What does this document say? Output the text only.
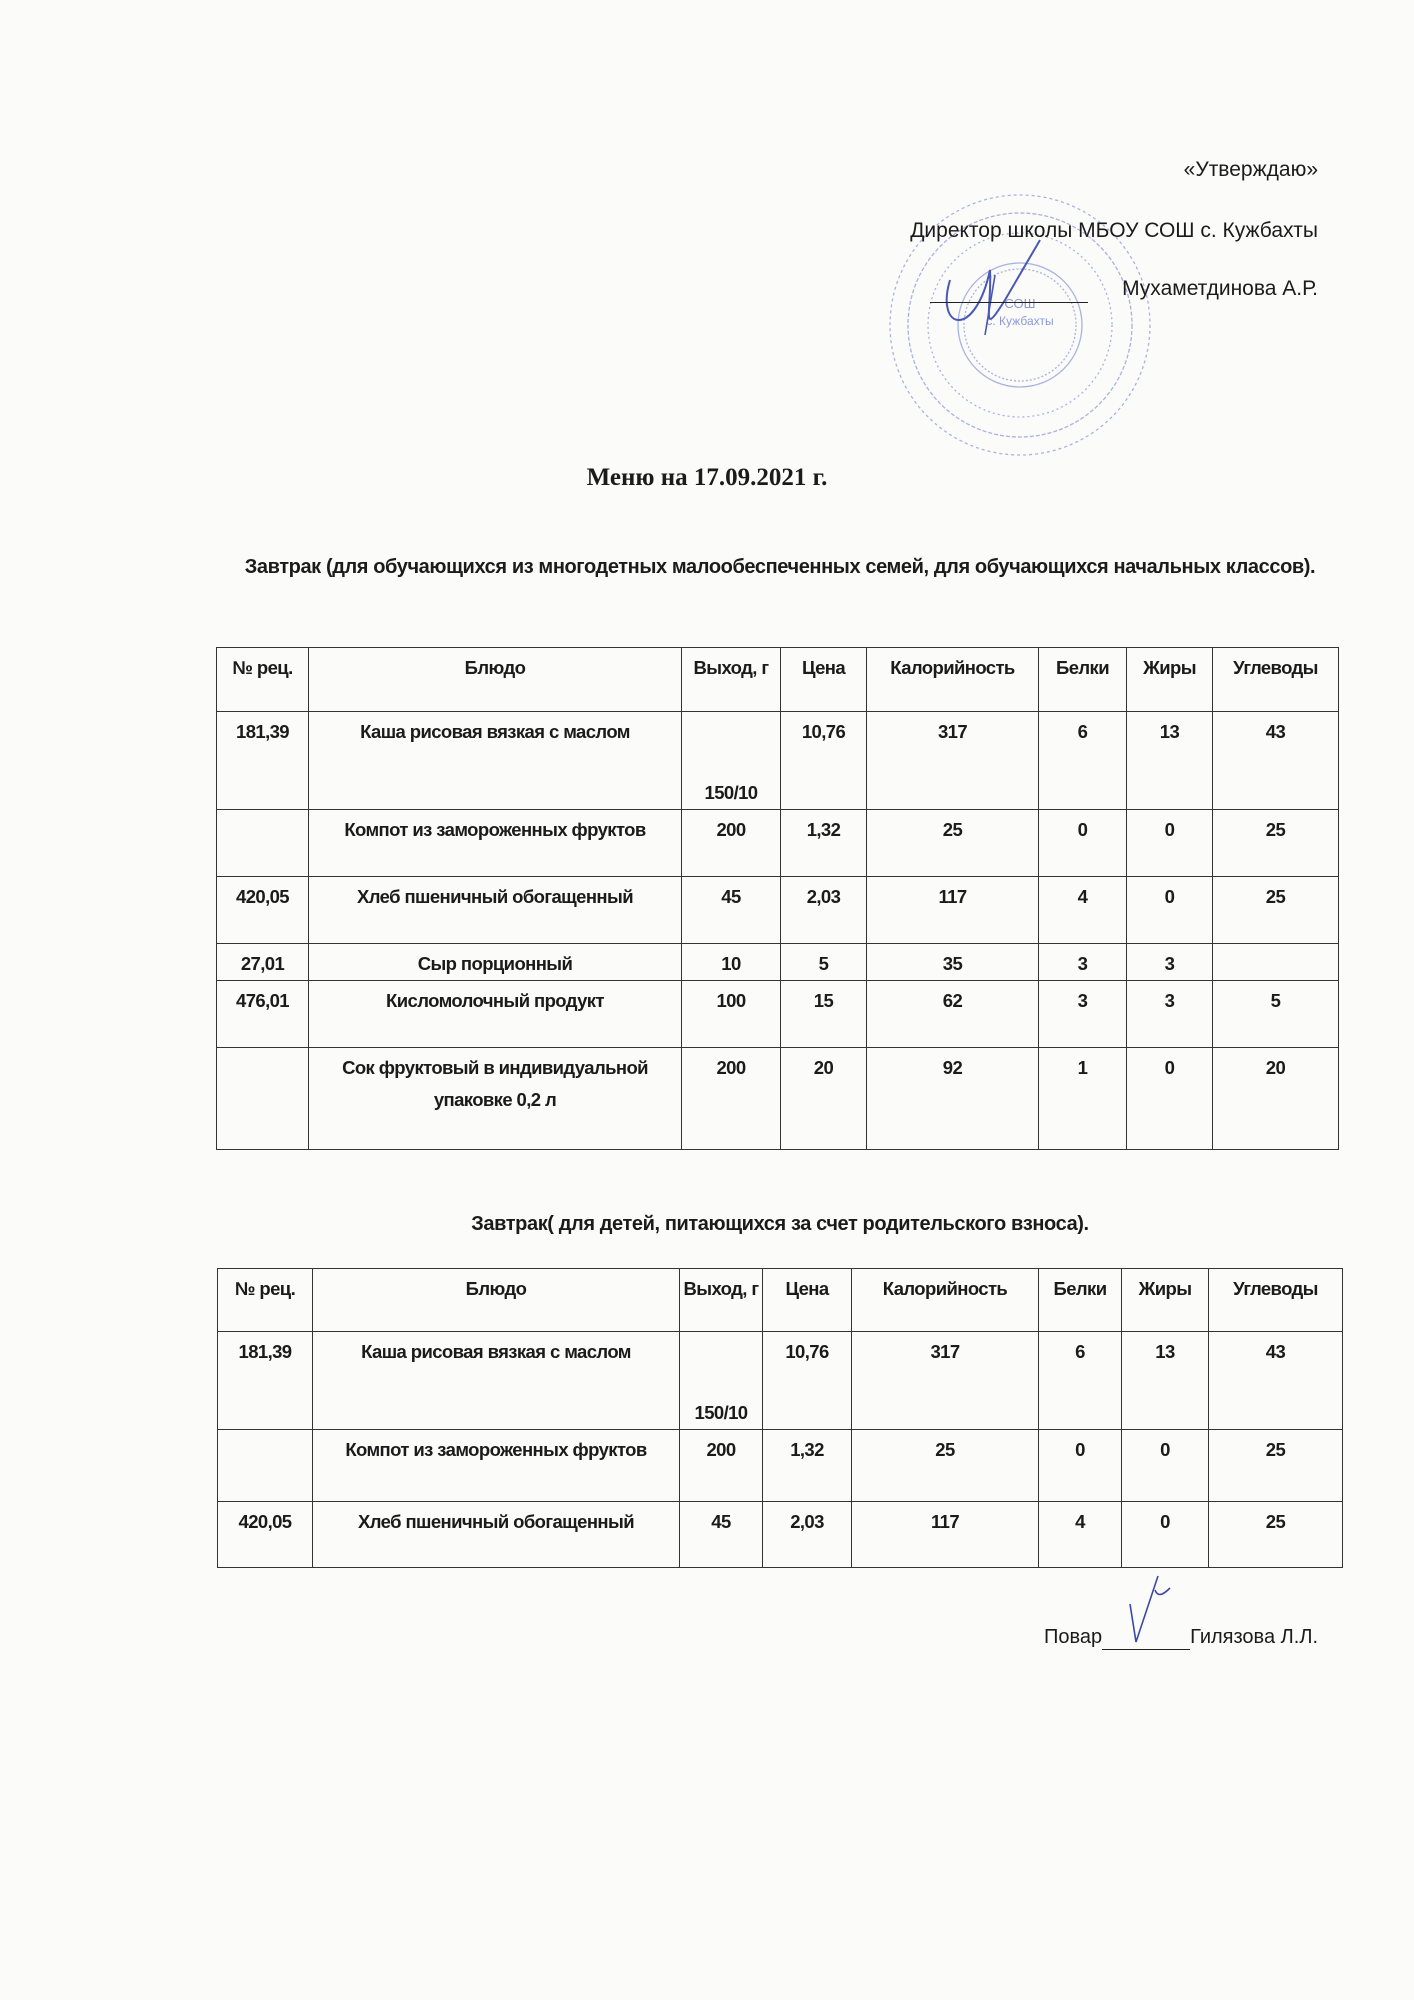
СОШ
с. Кужбахты
«Утверждаю»
Директор школы МБОУ СОШ с. Кужбахты
Мухаметдинова А.Р.
Меню на 17.09.2021 г.
Завтрак (для обучающихся из многодетных малообеспеченных семей, для обучающихся начальных классов).
№ рец.	Блюдо	Выход, г	Цена	Калорийность	Белки	Жиры	Углеводы
181,39	Каша рисовая вязкая с маслом	150/10	10,76	317	6	13	43
	Компот из замороженных фруктов	200	1,32	25	0	0	25
420,05	Хлеб пшеничный обогащенный	45	2,03	117	4	0	25
27,01	Сыр порционный	10	5	35	3	3	
476,01	Кисломолочный продукт	100	15	62	3	3	5
	Сок фруктовый в индивидуальной упаковке 0,2 л	200	20	92	1	0	20
Завтрак( для детей, питающихся за счет родительского взноса).
№ рец.	Блюдо	Выход, г	Цена	Калорийность	Белки	Жиры	Углеводы
181,39	Каша рисовая вязкая с маслом	150/10	10,76	317	6	13	43
	Компот из замороженных фруктов	200	1,32	25	0	0	25
420,05	Хлеб пшеничный обогащенный	45	2,03	117	4	0	25
Повар	Гилязова Л.Л.
